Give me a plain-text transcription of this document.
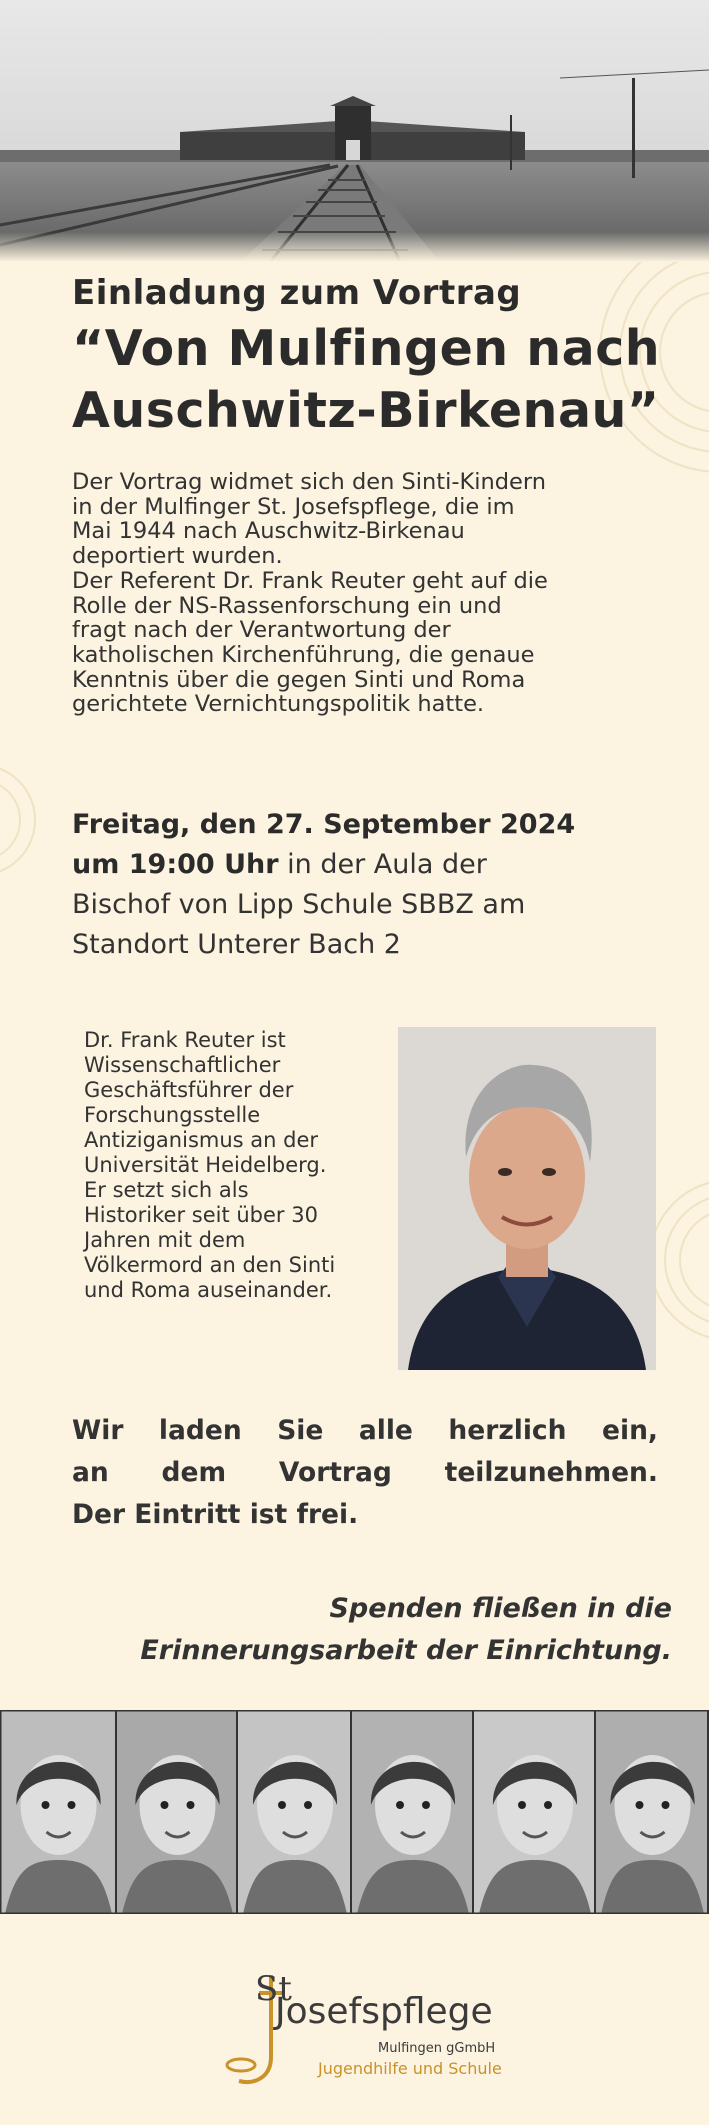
Einladung zum Vortrag
“Von Mulfingen nach
Auschwitz-Birkenau”
Der Vortrag widmet sich den Sinti-Kindern
in der Mulfinger St. Josefspflege, die im
Mai 1944 nach Auschwitz-Birkenau
deportiert wurden.
Der Referent Dr. Frank Reuter geht auf die
Rolle der NS-Rassenforschung ein und
fragt nach der Verantwortung der
katholischen Kirchenführung, die genaue
Kenntnis über die gegen Sinti und Roma
gerichtete Vernichtungspolitik hatte.
Freitag, den 27. September 2024
um 19:00 Uhr in der Aula der
Bischof von Lipp Schule SBBZ am
Standort Unterer Bach 2
Dr. Frank Reuter ist
Wissenschaftlicher
Geschäftsführer der
Forschungsstelle
Antiziganismus an der
Universität Heidelberg.
Er setzt sich als
Historiker seit über 30
Jahren mit dem
Völkermord an den Sinti
und Roma auseinander.
Wir laden Sie alle herzlich ein,
an dem Vortrag teilzunehmen.
Der Eintritt ist frei.
Spenden fließen in die
Erinnerungsarbeit der Einrichtung.
St
Josefspflege
Mulfingen gGmbH
Jugendhilfe und Schule
